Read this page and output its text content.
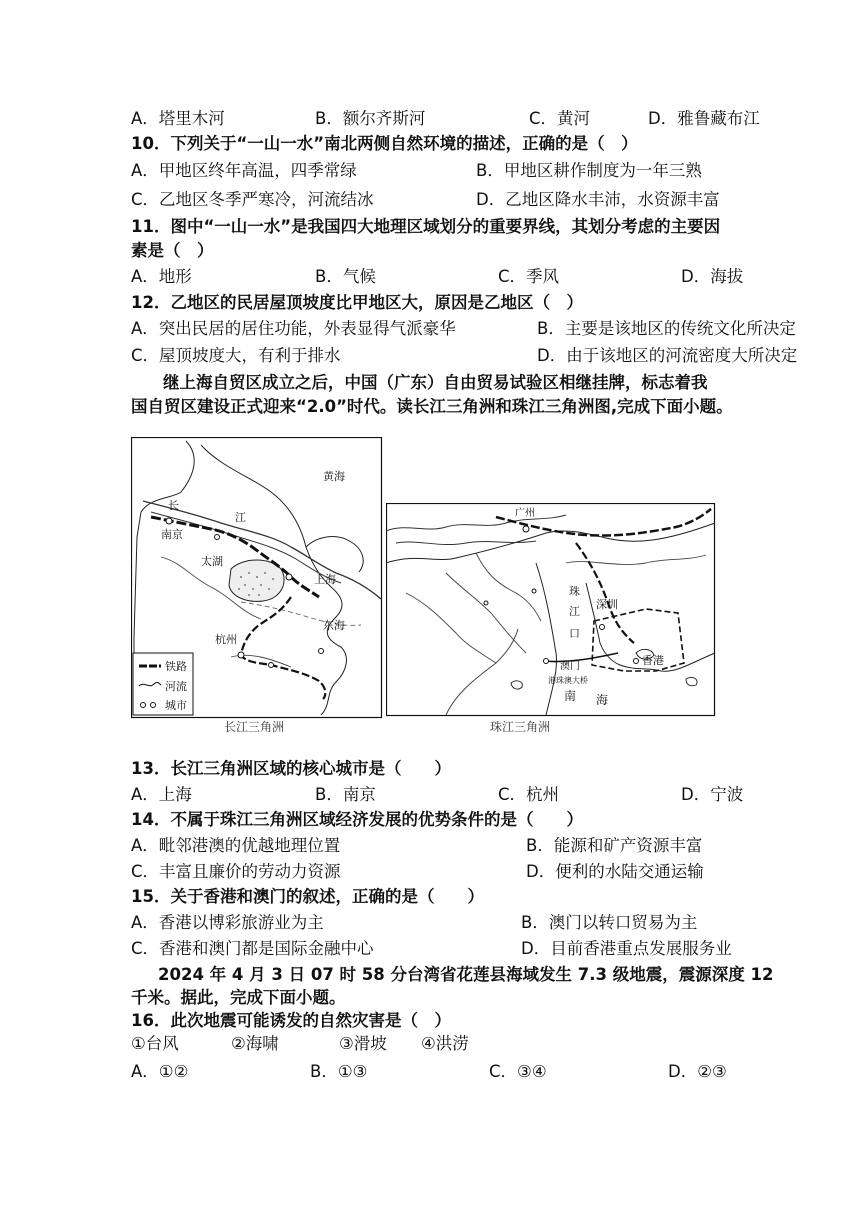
A．塔里木河	B．额尔齐斯河	C．黄河	D．雅鲁藏布江
10．下列关于“一山一水”南北两侧自然环境的描述，正确的是（　）
A．甲地区终年高温，四季常绿	B．甲地区耕作制度为一年三熟
C．乙地区冬季严寒冷，河流结冰	D．乙地区降水丰沛，水资源丰富
11．图中“一山一水”是我国四大地理区域划分的重要界线，其划分考虑的主要因
素是（　）
A．地形	B．气候	C．季风	D．海拔
12．乙地区的民居屋顶坡度比甲地区大，原因是乙地区（　）
A．突出民居的居住功能，外表显得气派豪华	B．主要是该地区的传统文化所决定
C．屋顶坡度大，有利于排水	D．由于该地区的河流密度大所决定
继上海自贸区成立之后，中国（广东）自由贸易试验区相继挂牌，标志着我
国自贸区建设正式迎来“2.0”时代。读长江三角洲和珠江三角洲图,完成下面小题。
黄海
长
江
南京
太湖
上海
东海
杭州
铁路
河流
城市
长江三角洲
广州
珠
江
口
深圳
香港
澳门
港珠澳大桥
南 海
珠江三角洲
13．长江三角洲区域的核心城市是（　　）
A．上海	B．南京	C．杭州	D．宁波
14．不属于珠江三角洲区域经济发展的优势条件的是（　　）
A．毗邻港澳的优越地理位置	B．能源和矿产资源丰富
C．丰富且廉价的劳动力资源	D．便利的水陆交通运输
15．关于香港和澳门的叙述，正确的是（　　）
A．香港以博彩旅游业为主	B．澳门以转口贸易为主
C．香港和澳门都是国际金融中心	D．目前香港重点发展服务业
2024 年 4 月 3 日 07 时 58 分台湾省花莲县海域发生 7.3 级地震，震源深度 12
千米。据此，完成下面小题。
16．此次地震可能诱发的自然灾害是（　）
①台风	②海啸	③滑坡 ④洪涝
A．①②	B．①③	C．③④	D．②③
